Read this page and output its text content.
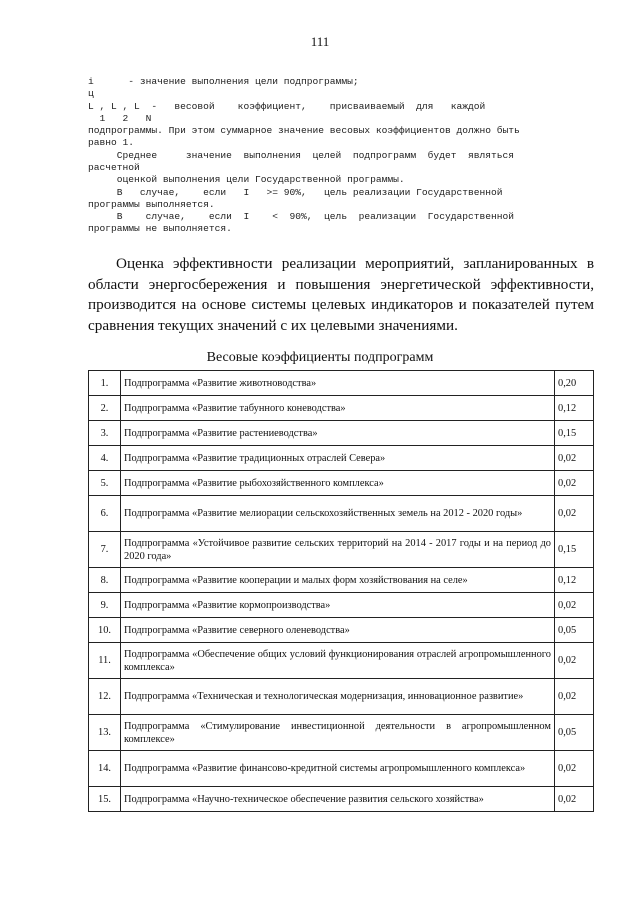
111
i      - значение выполнения цели подпрограммы;
ц
L , L , L  -   весовой    коэффициент,    присваиваемый  для   каждой
1   2   N
подпрограммы. При этом суммарное значение весовых коэффициентов должно быть
равно 1.
Среднее     значение  выполнения  целей  подпрограмм  будет  являться
расчетной
оценкой выполнения цели Государственной программы.
В   случае,    если   I   >= 90%,   цель реализации Государственной
программы выполняется.
В    случае,    если  I    <  90%,  цель  реализации  Государственной
программы не выполняется.

Оценка эффективности реализации мероприятий, запланированных в области энергосбережения и повышения энергетической эффективности, производится на основе системы целевых индикаторов и показателей путем сравнения текущих значений с их целевыми значениями.

Весовые коэффициенты подпрограмм
1.	Подпрограмма «Развитие животноводства»	0,20
2.	Подпрограмма «Развитие табунного коневодства»	0,12
3.	Подпрограмма «Развитие растениеводства»	0,15
4.	Подпрограмма «Развитие традиционных отраслей Севера»	0,02
5.	Подпрограмма «Развитие рыбохозяйственного комплекса»	0,02
6.	Подпрограмма «Развитие мелиорации сельскохозяйственных земель на 2012 - 2020 годы»	0,02
7.	Подпрограмма «Устойчивое развитие сельских территорий на 2014 - 2017 годы и на период до 2020 года»	0,15
8.	Подпрограмма «Развитие кооперации и малых форм хозяйствования на селе»	0,12
9.	Подпрограмма «Развитие кормопроизводства»	0,02
10.	Подпрограмма «Развитие северного оленеводства»	0,05
11.	Подпрограмма «Обеспечение общих условий функционирования отраслей агропромышленного комплекса»	0,02
12.	Подпрограмма «Техническая и технологическая модернизация, инновационное развитие»	0,02
13.	Подпрограмма «Стимулирование инвестиционной деятельности в агропромышленном комплексе»	0,05
14.	Подпрограмма «Развитие финансово-кредитной системы агропромышленного комплекса»	0,02
15.	Подпрограмма «Научно-техническое обеспечение развития сельского хозяйства»	0,02
